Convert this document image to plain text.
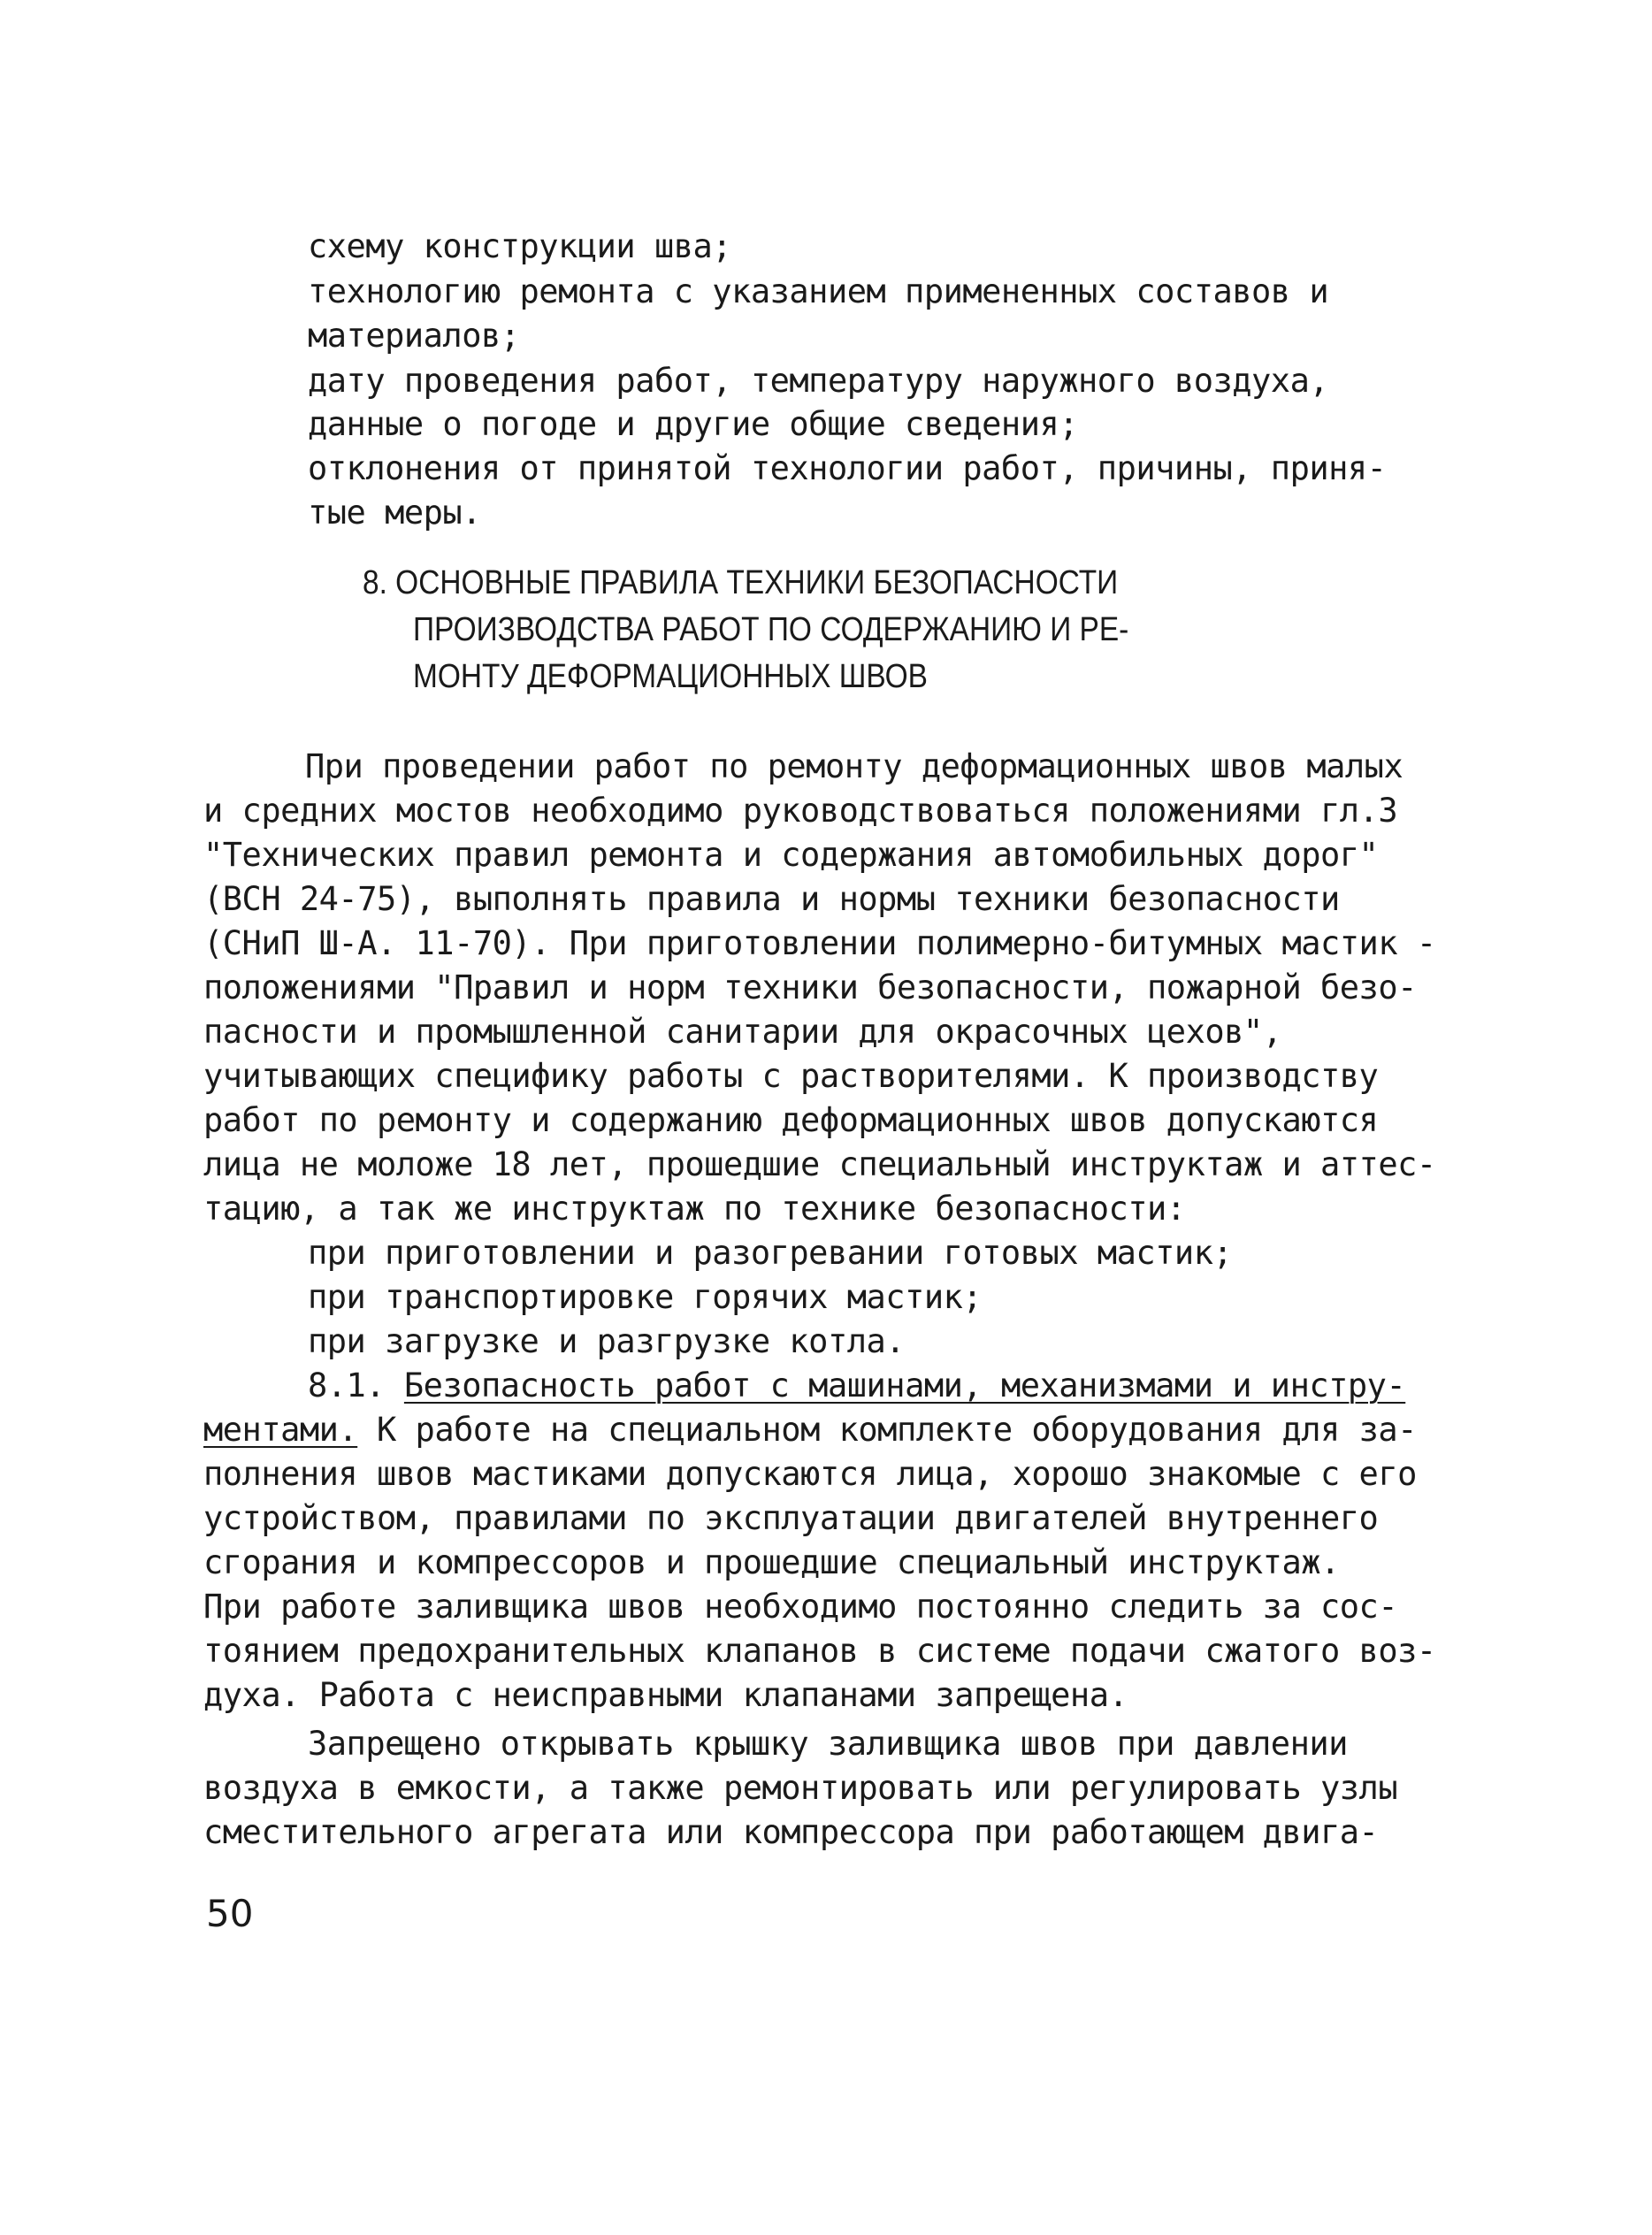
схему конструкции шва;
технологию ремонта с указанием примененных составов и
материалов;
дату проведения работ, температуру наружного воздуха,
данные о погоде и другие общие сведения;
отклонения от принятой технологии работ, причины, приня-
тые меры.
8. ОСНОВНЫЕ ПРАВИЛА ТЕХНИКИ БЕЗОПАСНОСТИ
ПРОИЗВОДСТВА РАБОТ ПО СОДЕРЖАНИЮ И РЕ-
МОНТУ ДЕФОРМАЦИОННЫХ ШВОВ
При проведении работ по ремонту деформационных швов малых
и средних мостов необходимо руководствоваться положениями гл.3
"Технических правил ремонта и содержания автомобильных дорог"
(ВСН 24-75), выполнять правила и нормы техники безопасности
(СНиП Ш-А. 11-70). При приготовлении полимерно-битумных мастик -
положениями "Правил и норм техники безопасности, пожарной безо-
пасности и промышленной санитарии для окрасочных цехов",
учитывающих специфику работы с растворителями. К производству
работ по ремонту и содержанию деформационных швов допускаются
лица не моложе 18 лет, прошедшие специальный инструктаж и аттес-
тацию, а так же инструктаж по технике безопасности:
при приготовлении и разогревании готовых мастик;
при транспортировке горячих мастик;
при загрузке и разгрузке котла.
8.1. Безопасность работ с машинами, механизмами и инстру-
ментами. К работе на специальном комплекте оборудования для за-
полнения швов мастиками допускаются лица, хорошо знакомые с его
устройством, правилами по эксплуатации двигателей внутреннего
сгорания и компрессоров и прошедшие специальный инструктаж.
При работе заливщика швов необходимо постоянно следить за сос-
тоянием предохранительных клапанов в системе подачи сжатого воз-
духа. Работа с неисправными клапанами запрещена.
Запрещено открывать крышку заливщика швов при давлении
воздуха в емкости, а также ремонтировать или регулировать узлы
сместительного агрегата или компрессора при работающем двига-
50
